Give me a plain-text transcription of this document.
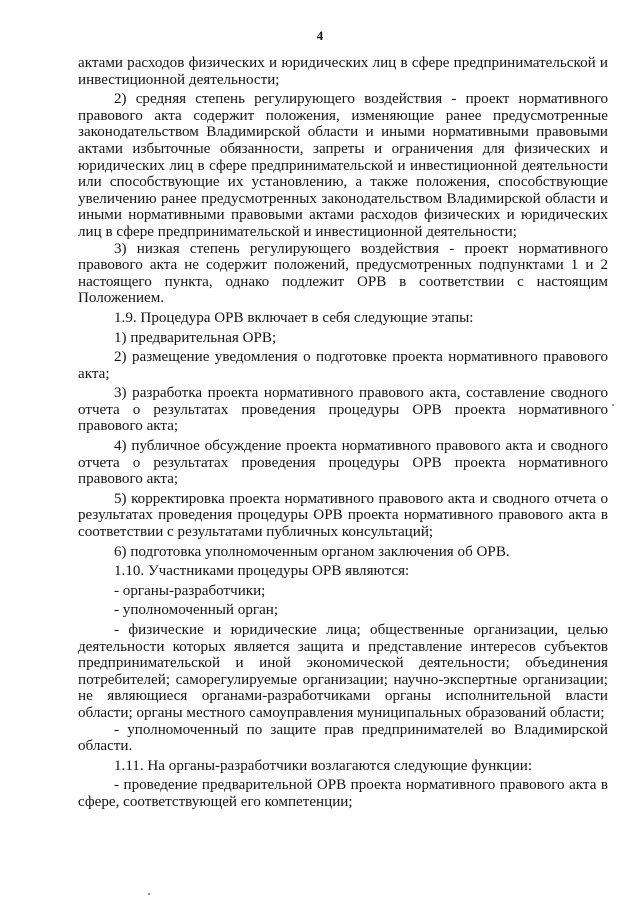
4

актами расходов физических и юридических лиц в сфере предпринимательской и инвестиционной деятельности;

2) средняя степень регулирующего воздействия - проект нормативного правового акта содержит положения, изменяющие ранее предусмотренные законодательством Владимирской области и иными нормативными правовыми актами избыточные обязанности, запреты и ограничения для физических и юридических лиц в сфере предпринимательской и инвестиционной деятельности или способствующие их установлению, а также положения, способствующие увеличению ранее предусмотренных законодательством Владимирской области и иными нормативными правовыми актами расходов физических и юридических лиц в сфере предпринимательской и инвестиционной деятельности;

3) низкая степень регулирующего воздействия - проект нормативного правового акта не содержит положений, предусмотренных подпунктами 1 и 2 настоящего пункта, однако подлежит ОРВ в соответствии с настоящим Положением.

1.9. Процедура ОРВ включает в себя следующие этапы:

1) предварительная ОРВ;

2) размещение уведомления о подготовке проекта нормативного правового акта;

3) разработка проекта нормативного правового акта, составление сводного отчета о результатах проведения процедуры ОРВ проекта нормативного правового акта;

4) публичное обсуждение проекта нормативного правового акта и сводного отчета о результатах проведения процедуры ОРВ проекта нормативного правового акта;

5) корректировка проекта нормативного правового акта и сводного отчета о результатах проведения процедуры ОРВ проекта нормативного правового акта в соответствии с результатами публичных консультаций;

6) подготовка уполномоченным органом заключения об ОРВ.

1.10. Участниками процедуры ОРВ являются:

- органы-разработчики;

- уполномоченный орган;

- физические и юридические лица; общественные организации, целью деятельности которых является защита и представление интересов субъектов предпринимательской и иной экономической деятельности; объединения потребителей; саморегулируемые организации; научно-экспертные организации; не являющиеся органами-разработчиками органы исполнительной власти области; органы местного самоуправления муниципальных образований области;

- уполномоченный по защите прав предпринимателей во Владимирской области.

1.11. На органы-разработчики возлагаются следующие функции:

- проведение предварительной ОРВ проекта нормативного правового акта в сфере, соответствующей его компетенции;
